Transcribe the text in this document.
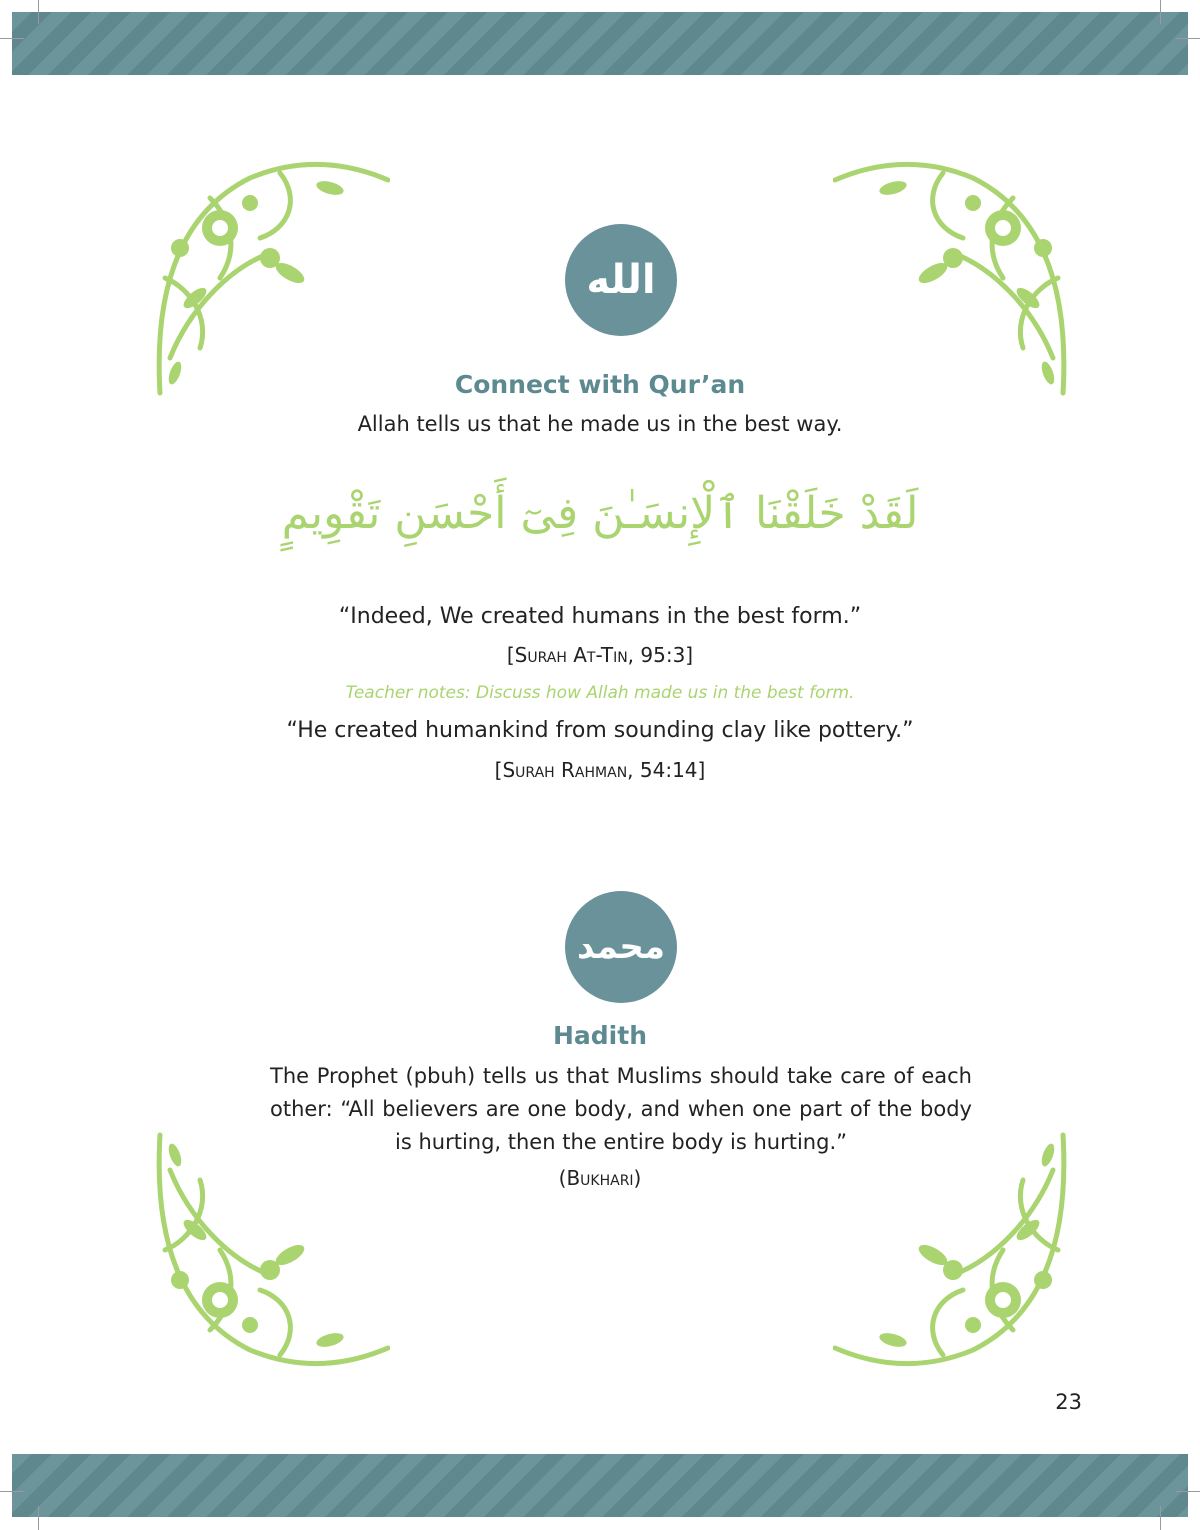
الله
Connect with Qur’an
Allah tells us that he made us in the best way.
لَقَدْ خَلَقْنَا ٱلْإِنسَـٰنَ فِىٓ أَحْسَنِ تَقْوِيمٍ
“Indeed, We created humans in the best form.”
[Surah At-Tin, 95:3]
Teacher notes: Discuss how Allah made us in the best form.
“He created humankind from sounding clay like pottery.”
[Surah Rahman, 54:14]
محمد
Hadith
The Prophet (pbuh) tells us that Muslims should take care of each other: “All believers are one body, and when one part of the body is hurting, then the entire body is hurting.”
(Bukhari)
23
